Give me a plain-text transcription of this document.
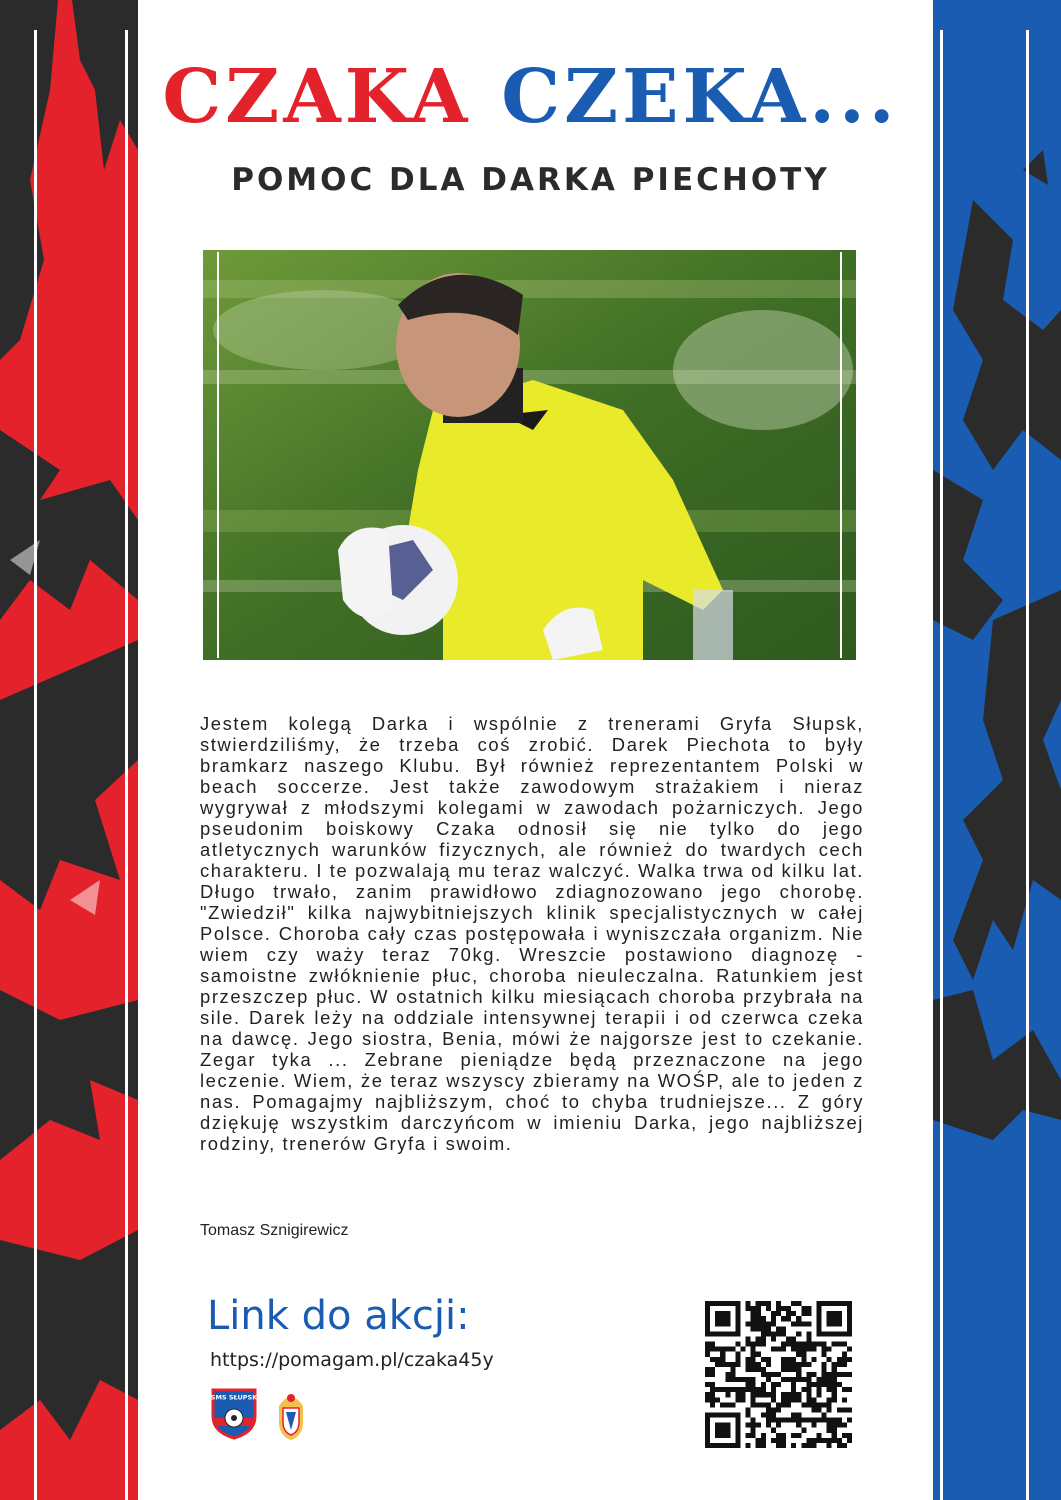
CZAKA CZEKA...
POMOC DLA DARKA PIECHOTY

Jestem kolegą Darka i wspólnie z trenerami Gryfa Słupsk, stwierdziliśmy, że trzeba coś zrobić. Darek Piechota to były bramkarz naszego Klubu. Był również reprezentantem Polski w beach soccerze. Jest także zawodowym strażakiem i nieraz wygrywał z młodszymi kolegami w zawodach pożarniczych. Jego pseudonim boiskowy Czaka odnosił się nie tylko do jego atletycznych warunków fizycznych, ale również do twardych cech charakteru. I te pozwalają mu teraz walczyć. Walka trwa od kilku lat. Długo trwało, zanim prawidłowo zdiagnozowano jego chorobę. "Zwiedził" kilka najwybitniejszych klinik specjalistycznych w całej Polsce. Choroba cały czas postępowała i wyniszczała organizm. Nie wiem czy waży teraz 70kg. Wreszcie postawiono diagnozę - samoistne zwłóknienie płuc, choroba nieuleczalna. Ratunkiem jest przeszczep płuc. W ostatnich kilku miesiącach choroba przybrała na sile. Darek leży na oddziale intensywnej terapii i od czerwca czeka na dawcę. Jego siostra, Benia, mówi że najgorsze jest to czekanie. Zegar tyka ... Zebrane pieniądze będą przeznaczone na jego leczenie. Wiem, że teraz wszyscy zbieramy na WOŚP, ale to jeden z nas. Pomagajmy najbliższym, choć to chyba trudniejsze... Z góry dziękuję wszystkim darczyńcom w imieniu Darka, jego najbliższej rodziny, trenerów Gryfa i swoim.

Tomasz Sznigirewicz
Link do akcji:
https://pomagam.pl/czaka45y
SMS SŁUPSK
